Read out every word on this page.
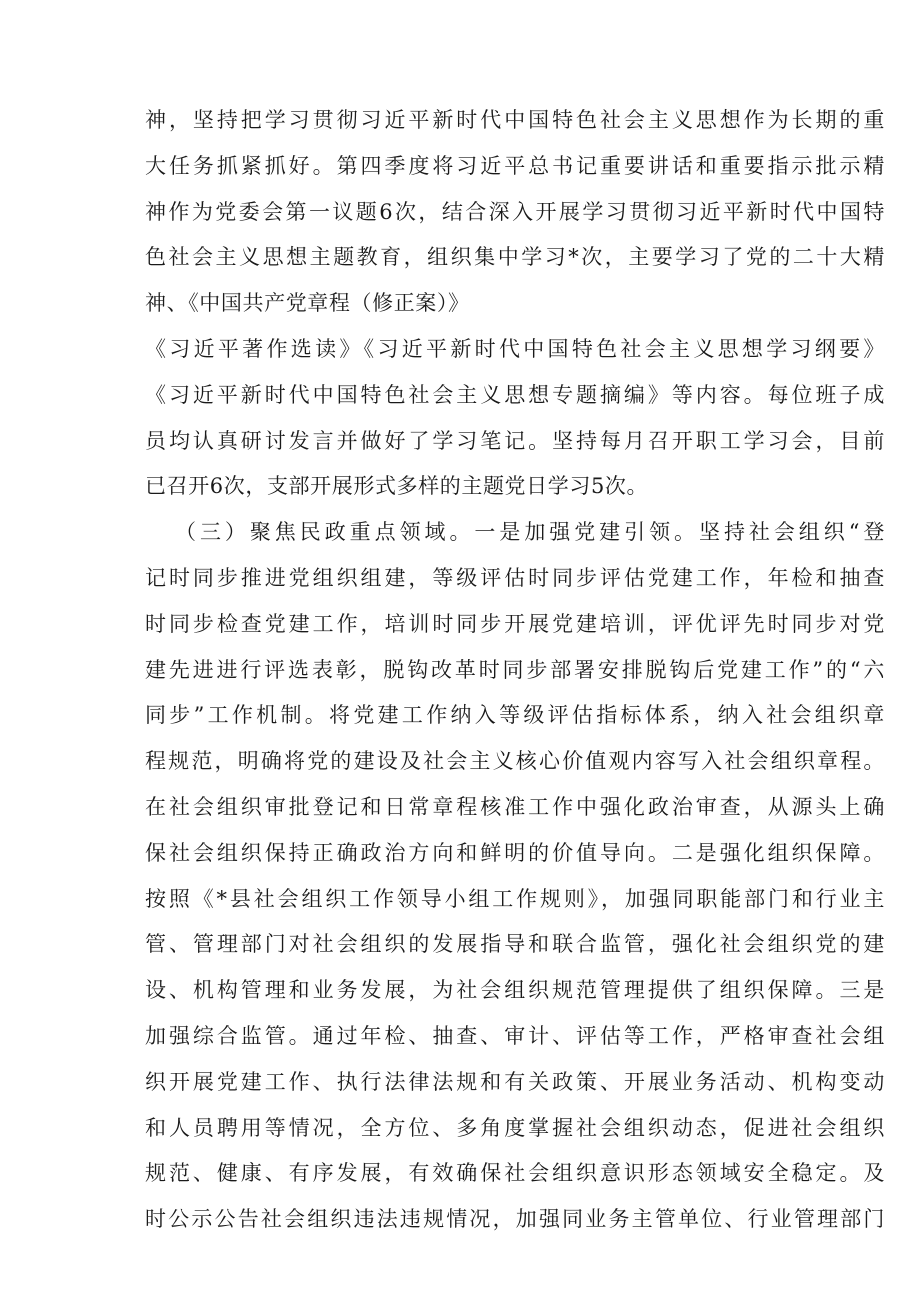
神，坚持把学习贯彻习近平新时代中国特色社会主义思想作为长期的重
大任务抓紧抓好。第四季度将习近平总书记重要讲话和重要指示批示精
神作为党委会第一议题6次，结合深入开展学习贯彻习近平新时代中国特
色社会主义思想主题教育，组织集中学习*次，主要学习了党的二十大精
神、《中国共产党章程（修正案）》
《习近平著作选读》《习近平新时代中国特色社会主义思想学习纲要》
《习近平新时代中国特色社会主义思想专题摘编》等内容。每位班子成
员均认真研讨发言并做好了学习笔记。坚持每月召开职工学习会，目前
已召开6次，支部开展形式多样的主题党日学习5次。
（三）聚焦民政重点领域。一是加强党建引领。坚持社会组织“登
记时同步推进党组织组建，等级评估时同步评估党建工作，年检和抽查
时同步检查党建工作，培训时同步开展党建培训，评优评先时同步对党
建先进进行评选表彰，脱钩改革时同步部署安排脱钩后党建工作”的“六
同步”工作机制。将党建工作纳入等级评估指标体系，纳入社会组织章
程规范，明确将党的建设及社会主义核心价值观内容写入社会组织章程。
在社会组织审批登记和日常章程核准工作中强化政治审查，从源头上确
保社会组织保持正确政治方向和鲜明的价值导向。二是强化组织保障。
按照《*县社会组织工作领导小组工作规则》，加强同职能部门和行业主
管、管理部门对社会组织的发展指导和联合监管，强化社会组织党的建
设、机构管理和业务发展，为社会组织规范管理提供了组织保障。三是
加强综合监管。通过年检、抽查、审计、评估等工作，严格审查社会组
织开展党建工作、执行法律法规和有关政策、开展业务活动、机构变动
和人员聘用等情况，全方位、多角度掌握社会组织动态，促进社会组织
规范、健康、有序发展，有效确保社会组织意识形态领域安全稳定。及
时公示公告社会组织违法违规情况，加强同业务主管单位、行业管理部门
